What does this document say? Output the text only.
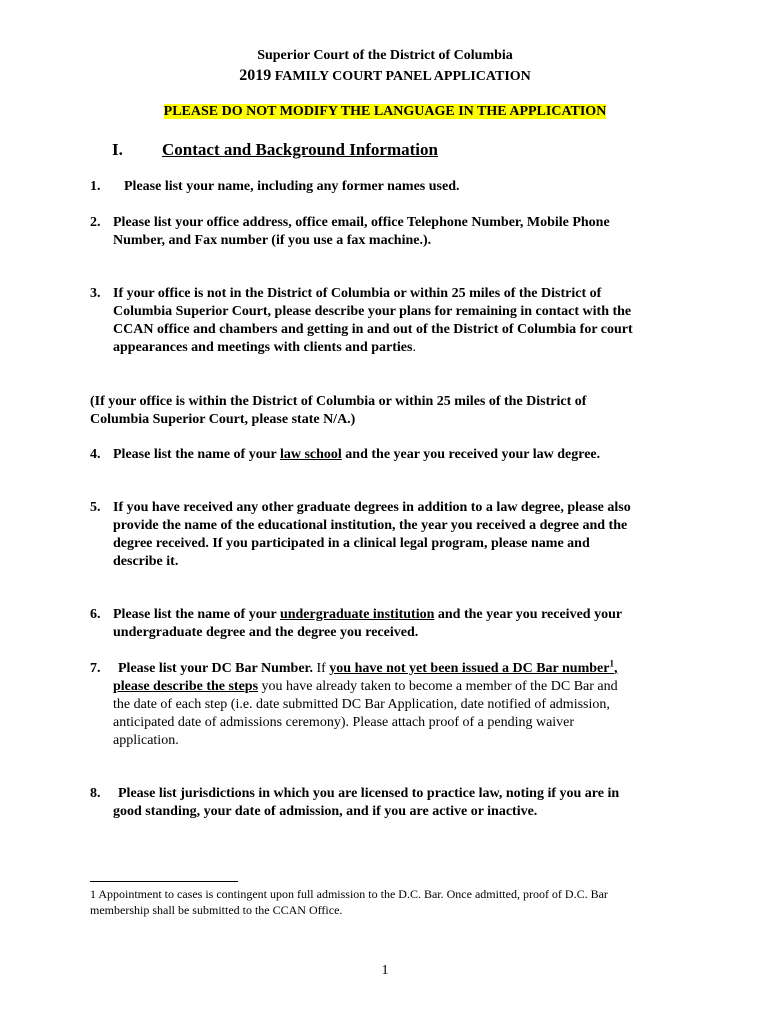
Superior Court of the District of Columbia
2019 FAMILY COURT PANEL APPLICATION
PLEASE DO NOT MODIFY THE LANGUAGE IN THE APPLICATION
I. Contact and Background Information
1. Please list your name, including any former names used.
2. Please list your office address, office email, office Telephone Number, Mobile Phone
Number, and Fax number (if you use a fax machine.).
3. If your office is not in the District of Columbia or within 25 miles of the District of
Columbia Superior Court, please describe your plans for remaining in contact with the
CCAN office and chambers and getting in and out of the District of Columbia for court
appearances and meetings with clients and parties.
(If your office is within the District of Columbia or within 25 miles of the District of
Columbia Superior Court, please state N/A.)
4. Please list the name of your law school and the year you received your law degree.
5. If you have received any other graduate degrees in addition to a law degree, please also
provide the name of the educational institution, the year you received a degree and the
degree received. If you participated in a clinical legal program, please name and
describe it.
6. Please list the name of your undergraduate institution and the year you received your
undergraduate degree and the degree you received.
7. Please list your DC Bar Number. If you have not yet been issued a DC Bar number$^1$,
please describe the steps you have already taken to become a member of the DC Bar and
the date of each step (i.e. date submitted DC Bar Application, date notified of admission,
anticipated date of admissions ceremony). Please attach proof of a pending waiver
application.
8. Please list jurisdictions in which you are licensed to practice law, noting if you are in
good standing, your date of admission, and if you are active or inactive.
1 Appointment to cases is contingent upon full admission to the D.C. Bar. Once admitted, proof of D.C. Bar
membership shall be submitted to the CCAN Office.
1
